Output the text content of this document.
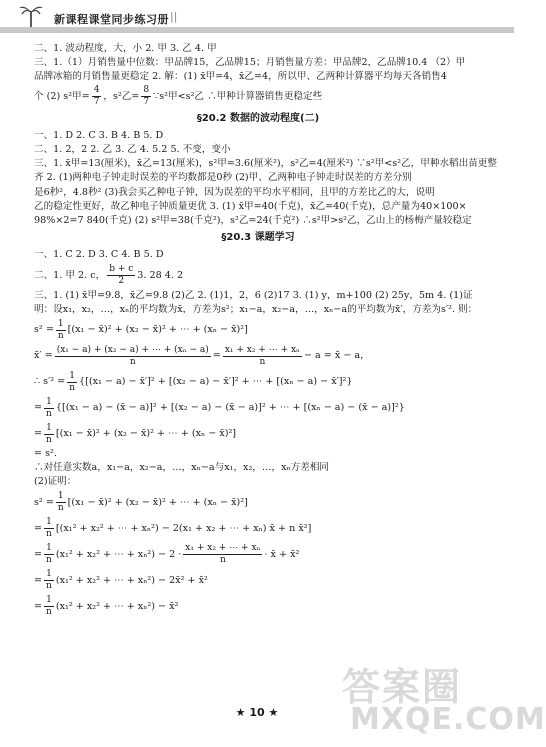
新课程课堂同步练习册 ||
二、1. 波动程度，大，小 2. 甲 3. 乙 4. 甲
三、1.（1）月销售量中位数：甲品牌15，乙品牌15；月销售量方差：甲品牌2，乙品牌10.4 （2）甲
品牌冰箱的月销售量更稳定 2. 解：(1) x̄甲=4，x̄乙=4，所以甲、乙两种计算器平均每天各销售4
个 (2) s²甲= $\frac{4}{7}$ ，s²乙= $\frac{8}{7}$ ∵s²甲<s²乙 ∴甲种计算器销售更稳定些
§20.2 数据的波动程度(二)
一、1. D 2. C 3. B 4. B 5. D
二、1. 2，2 2. 乙 3. 乙 4. 5.2 5. 不变，变小
三、1. x̄甲=13(厘米)，x̄乙=13(厘米)，s²甲=3.6(厘米²)，s²乙=4(厘米²) ∵s²甲<s²乙，甲种水稻出苗更整
齐 2. (1)两种电子钟走时误差的平均数都是0秒 (2)甲、乙两种电子钟走时误差的方差分别
是6秒²，4.8秒² (3)我会买乙种电子钟，因为误差的平均水平相同，且甲的方差比乙的大，说明
乙的稳定性更好，故乙种电子钟质量更优 3. (1) x̄甲=40(千克)，x̄乙=40(千克)，总产量为40×100×
98%×2=7 840(千克) (2) s²甲=38(千克²)，s²乙=24(千克²) ∴s²甲>s²乙，乙山上的杨梅产量较稳定
§20.3 课题学习
一、1. C 2. D 3. C 4. B 5. D
二、1. 甲 2. c， $\frac{b + c}{2} 3$. 28 4. 2
三、1. (1) x̄甲=9.8，x̄乙=9.8 (2)乙 2. (1)1，2，6 (2)17 3. (1) y，m+100 (2) 25y，5m 4. (1)证
明：设x₁，x₂，…，xₙ的平均数为x̄，方差为s²；x₁−a，x₂−a，…，xₙ−a的平均数为x̄′，方差为s′². 则：
$s^2 = \frac{1}{n} [(x_1$ − x̄)² + (x₂ − x̄)² + ⋯ + (xₙ − x̄)²]
x̄′ = $\frac{\text{(x₁ − a) + (x₂ − a) + ⋯ + (xₙ − a)}}{n} = \frac{\text{x₁ + x₂ + ⋯ + xₙ}}{n} - a$ = x̄ − a，
∴ $s'^2 = \frac{1}{n} \{[(x_1 - a)$ − x̄′]² + [(x₂ − a) − x̄′]² + ⋯ + [(xₙ − a) − x̄′]²}
= $\frac{1}{n} \{[(x_1 - a)$ − (x̄ − a)]² + [(x₂ − a) − (x̄ − a)]² + ⋯ + [(xₙ − a) − (x̄ − a)]²}
= $\frac{1}{n} [(x_1$ − x̄)² + (x₂ − x̄)² + ⋯ + (xₙ − x̄)²]
= s².
∴对任意实数a，x₁−a，x₂−a，…，xₙ−a与x₁，x₂，…，xₙ方差相同
(2)证明：
$s^2 = \frac{1}{n} [(x_1$ − x̄)² + (x₂ − x̄)² + ⋯ + (xₙ − x̄)²]
= $\frac{1}{n} [(x_1^2 + x_2^2$ + ⋯ + xₙ²) − 2(x₁ + x₂ + ⋯ + xₙ) x̄ + n x̄²]
= $\frac{1}{n} (x_1^2 + x_2^2$ + ⋯ + $x_n^2) - 2 \cdot \frac{\text{x₁ + x₂ + ⋯ + xₙ}}{n}$ · x̄ + x̄²
= $\frac{1}{n} (x_1^2 + x_2^2$ + ⋯ + xₙ²) − 2x̄² + x̄²
= $\frac{1}{n} (x_1^2 + x_2^2$ + ⋯ + xₙ²) − x̄²
答案圈
MXQE.COM
★ 10 ★
